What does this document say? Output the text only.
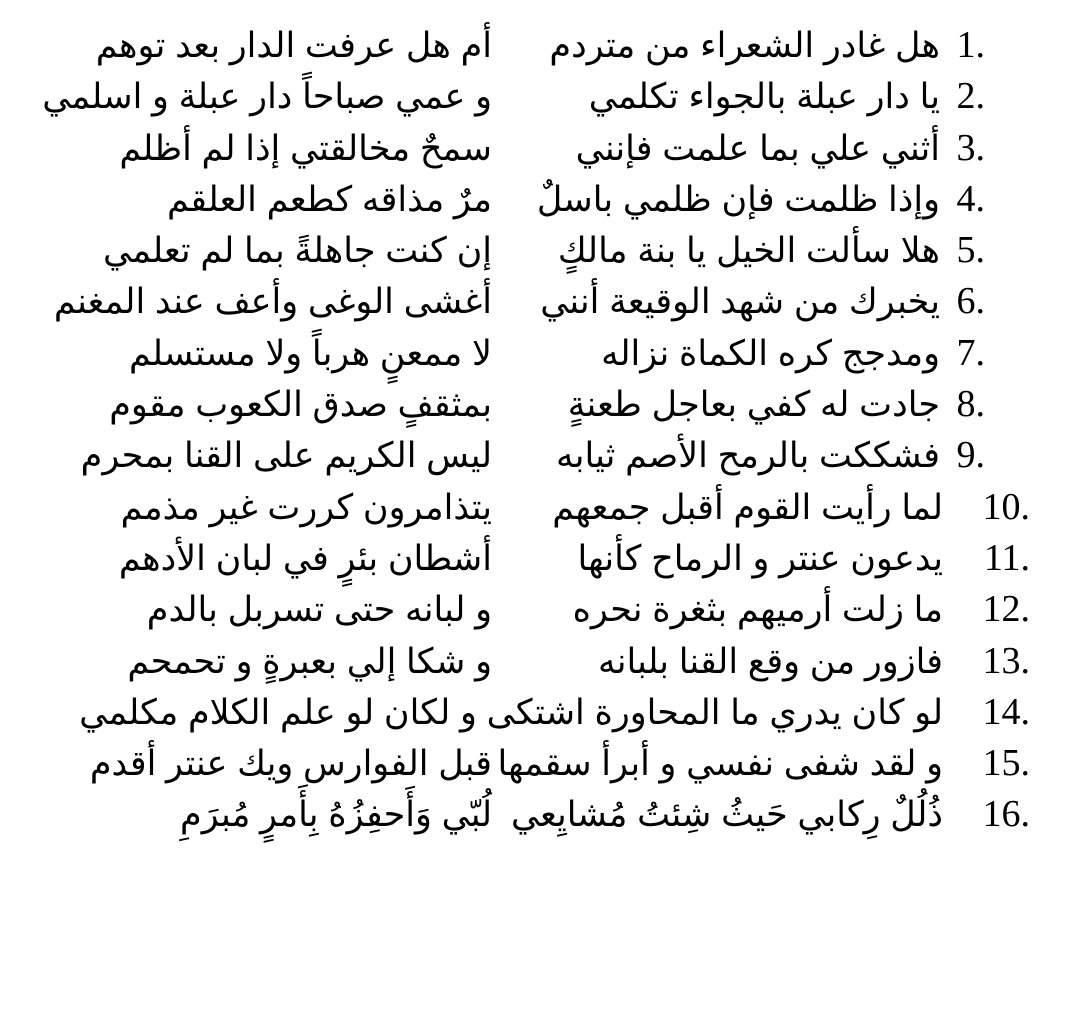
1.
هل غادر الشعراء من متردم
أم هل عرفت الدار بعد توهم
2.
يا دار عبلة بالجواء تكلمي
و عمي صباحاً دار عبلة و اسلمي
3.
أثني علي بما علمت فإنني
سمحٌ مخالقتي إذا لم أظلم
4.
وإذا ظلمت فإن ظلمي باسلٌ
مرٌ مذاقه كطعم العلقم
5.
هلا سألت الخيل يا بنة مالكٍ
إن كنت جاهلةً بما لم تعلمي
6.
يخبرك من شهد الوقيعة أنني
أغشى الوغى وأعف عند المغنم
7.
ومدجج كره الكماة نزاله
لا ممعنٍ هرباً ولا مستسلم
8.
جادت له كفي بعاجل طعنةٍ
بمثقفٍ صدق الكعوب مقوم
9.
فشككت بالرمح الأصم ثيابه
ليس الكريم على القنا بمحرم
10.
لما رأيت القوم أقبل جمعهم
يتذامرون كررت غير مذمم
11.
يدعون عنتر و الرماح كأنها
أشطان بئرٍ في لبان الأدهم
12.
ما زلت أرميهم بثغرة نحره
و لبانه حتى تسربل بالدم
13.
فازور من وقع القنا بلبانه
و شكا إلي بعبرةٍ و تحمحم
14.
لو كان يدري ما المحاورة اشتكى و لكان لو علم الكلام مكلمي
15.
و لقد شفى نفسي و أبرأ سقمها
قبل الفوارس ويك عنتر أقدم
16.
ذُلُلٌ رِكابي حَيثُ شِئتُ مُشايِعي
لُبّي وَأَحفِزُهُ بِأَمرٍ مُبرَمِ
